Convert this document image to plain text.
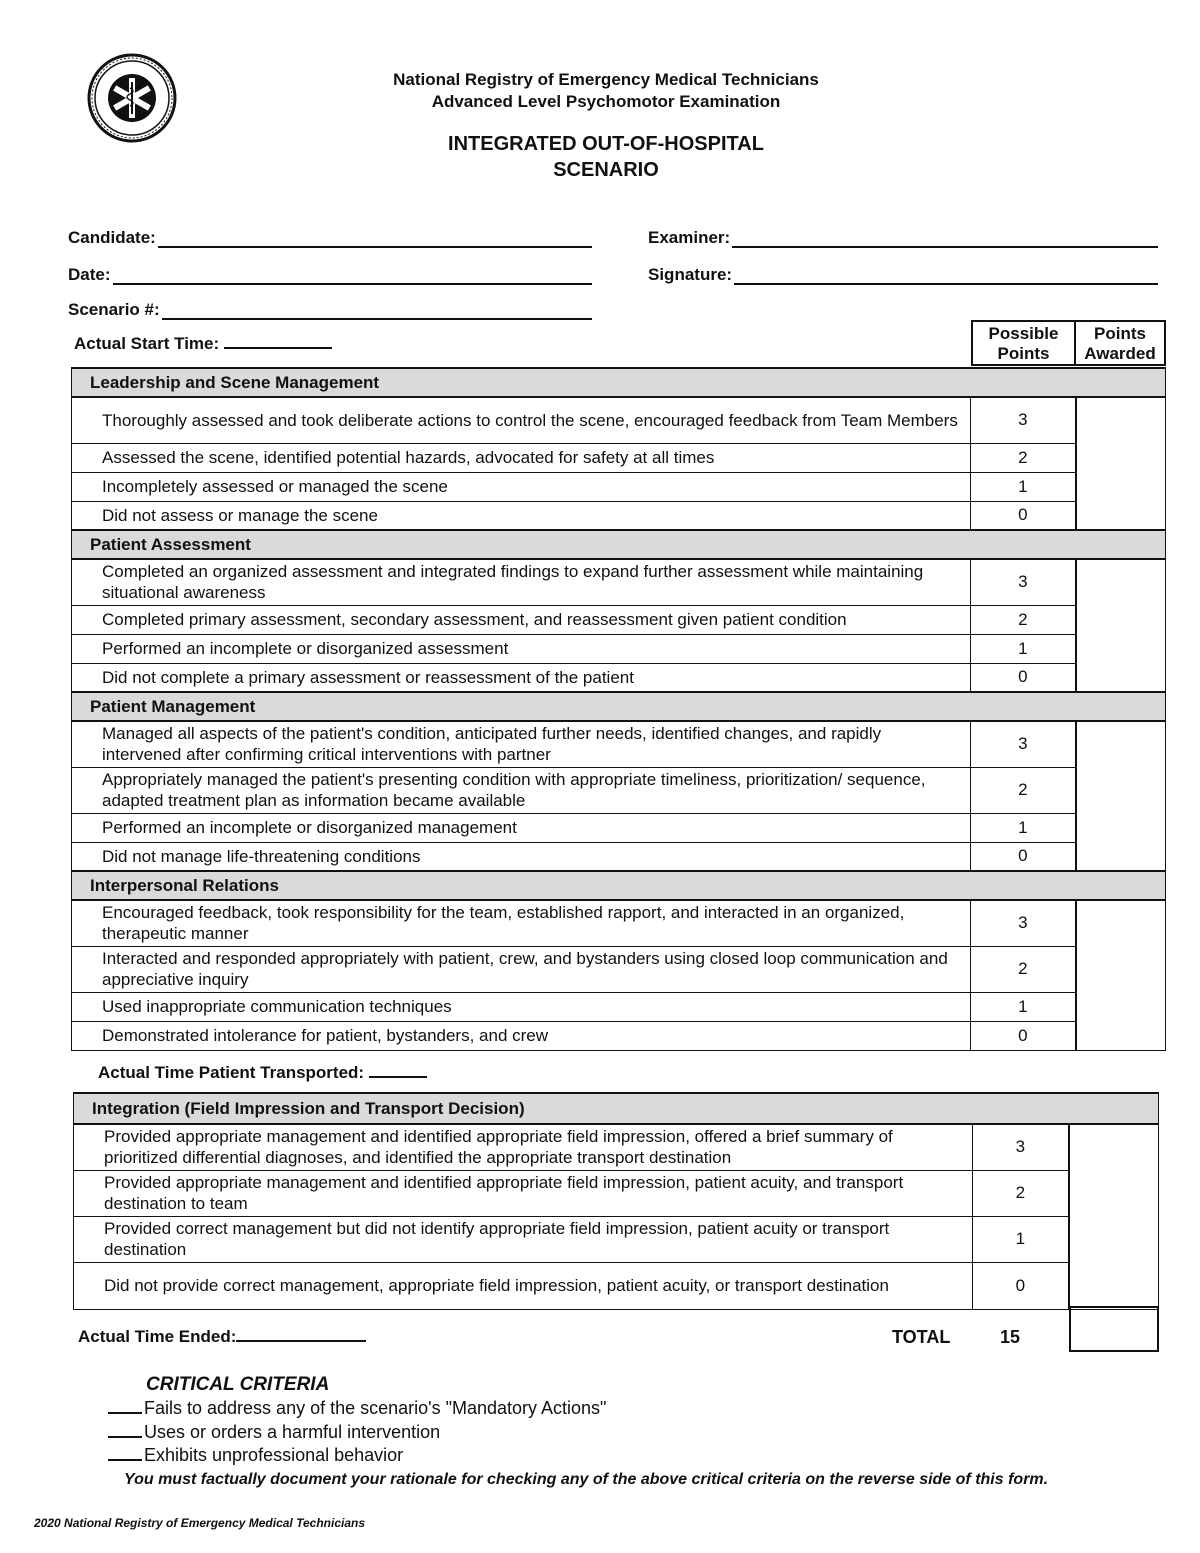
National Registry of Emergency Medical Technicians
Advanced Level Psychomotor Examination
INTEGRATED OUT-OF-HOSPITAL
SCENARIO
Candidate:	Examiner:
Date:	Signature:
Scenario #:
Actual Start Time:
Possible
Points
Points
Awarded
Leadership and Scene Management		
Thoroughly assessed and took deliberate actions to control the scene, encouraged feedback from Team Members	3	
Assessed the scene, identified potential hazards, advocated for safety at all times	2	
Incompletely assessed or managed the scene	1	
Did not assess or manage the scene	0	
Patient Assessment		
Completed an organized assessment and integrated findings to expand further assessment while maintaining situational awareness	3	
Completed primary assessment, secondary assessment, and reassessment given patient condition	2	
Performed an incomplete or disorganized assessment	1	
Did not complete a primary assessment or reassessment of the patient	0	
Patient Management		
Managed all aspects of the patient's condition, anticipated further needs, identified changes, and rapidly intervened after confirming critical interventions with partner	3	
Appropriately managed the patient's presenting condition with appropriate timeliness, prioritization/ sequence, adapted treatment plan as information became available	2	
Performed an incomplete or disorganized management	1	
Did not manage life-threatening conditions	0	
Interpersonal Relations		
Encouraged feedback, took responsibility for the team, established rapport, and interacted in an organized, therapeutic manner	3	
Interacted and responded appropriately with patient, crew, and bystanders using closed loop communication and appreciative inquiry	2	
Used inappropriate communication techniques	1	
Demonstrated intolerance for patient, bystanders, and crew	0	
Actual Time Patient Transported:
Integration (Field Impression and Transport Decision)		
Provided appropriate management and identified appropriate field impression, offered a brief summary of prioritized differential diagnoses, and identified the appropriate transport destination	3	
Provided appropriate management and identified appropriate field impression, patient acuity, and transport destination to team	2	
Provided correct management but did not identify appropriate field impression, patient acuity or transport destination	1	
Did not provide correct management, appropriate field impression, patient acuity, or transport destination	0	
Actual Time Ended:	TOTAL	15
CRITICAL CRITERIA
Fails to address any of the scenario's "Mandatory Actions"
Uses or orders a harmful intervention
Exhibits unprofessional behavior
You must factually document your rationale for checking any of the above critical criteria on the reverse side of this form.
2020 National Registry of Emergency Medical Technicians
